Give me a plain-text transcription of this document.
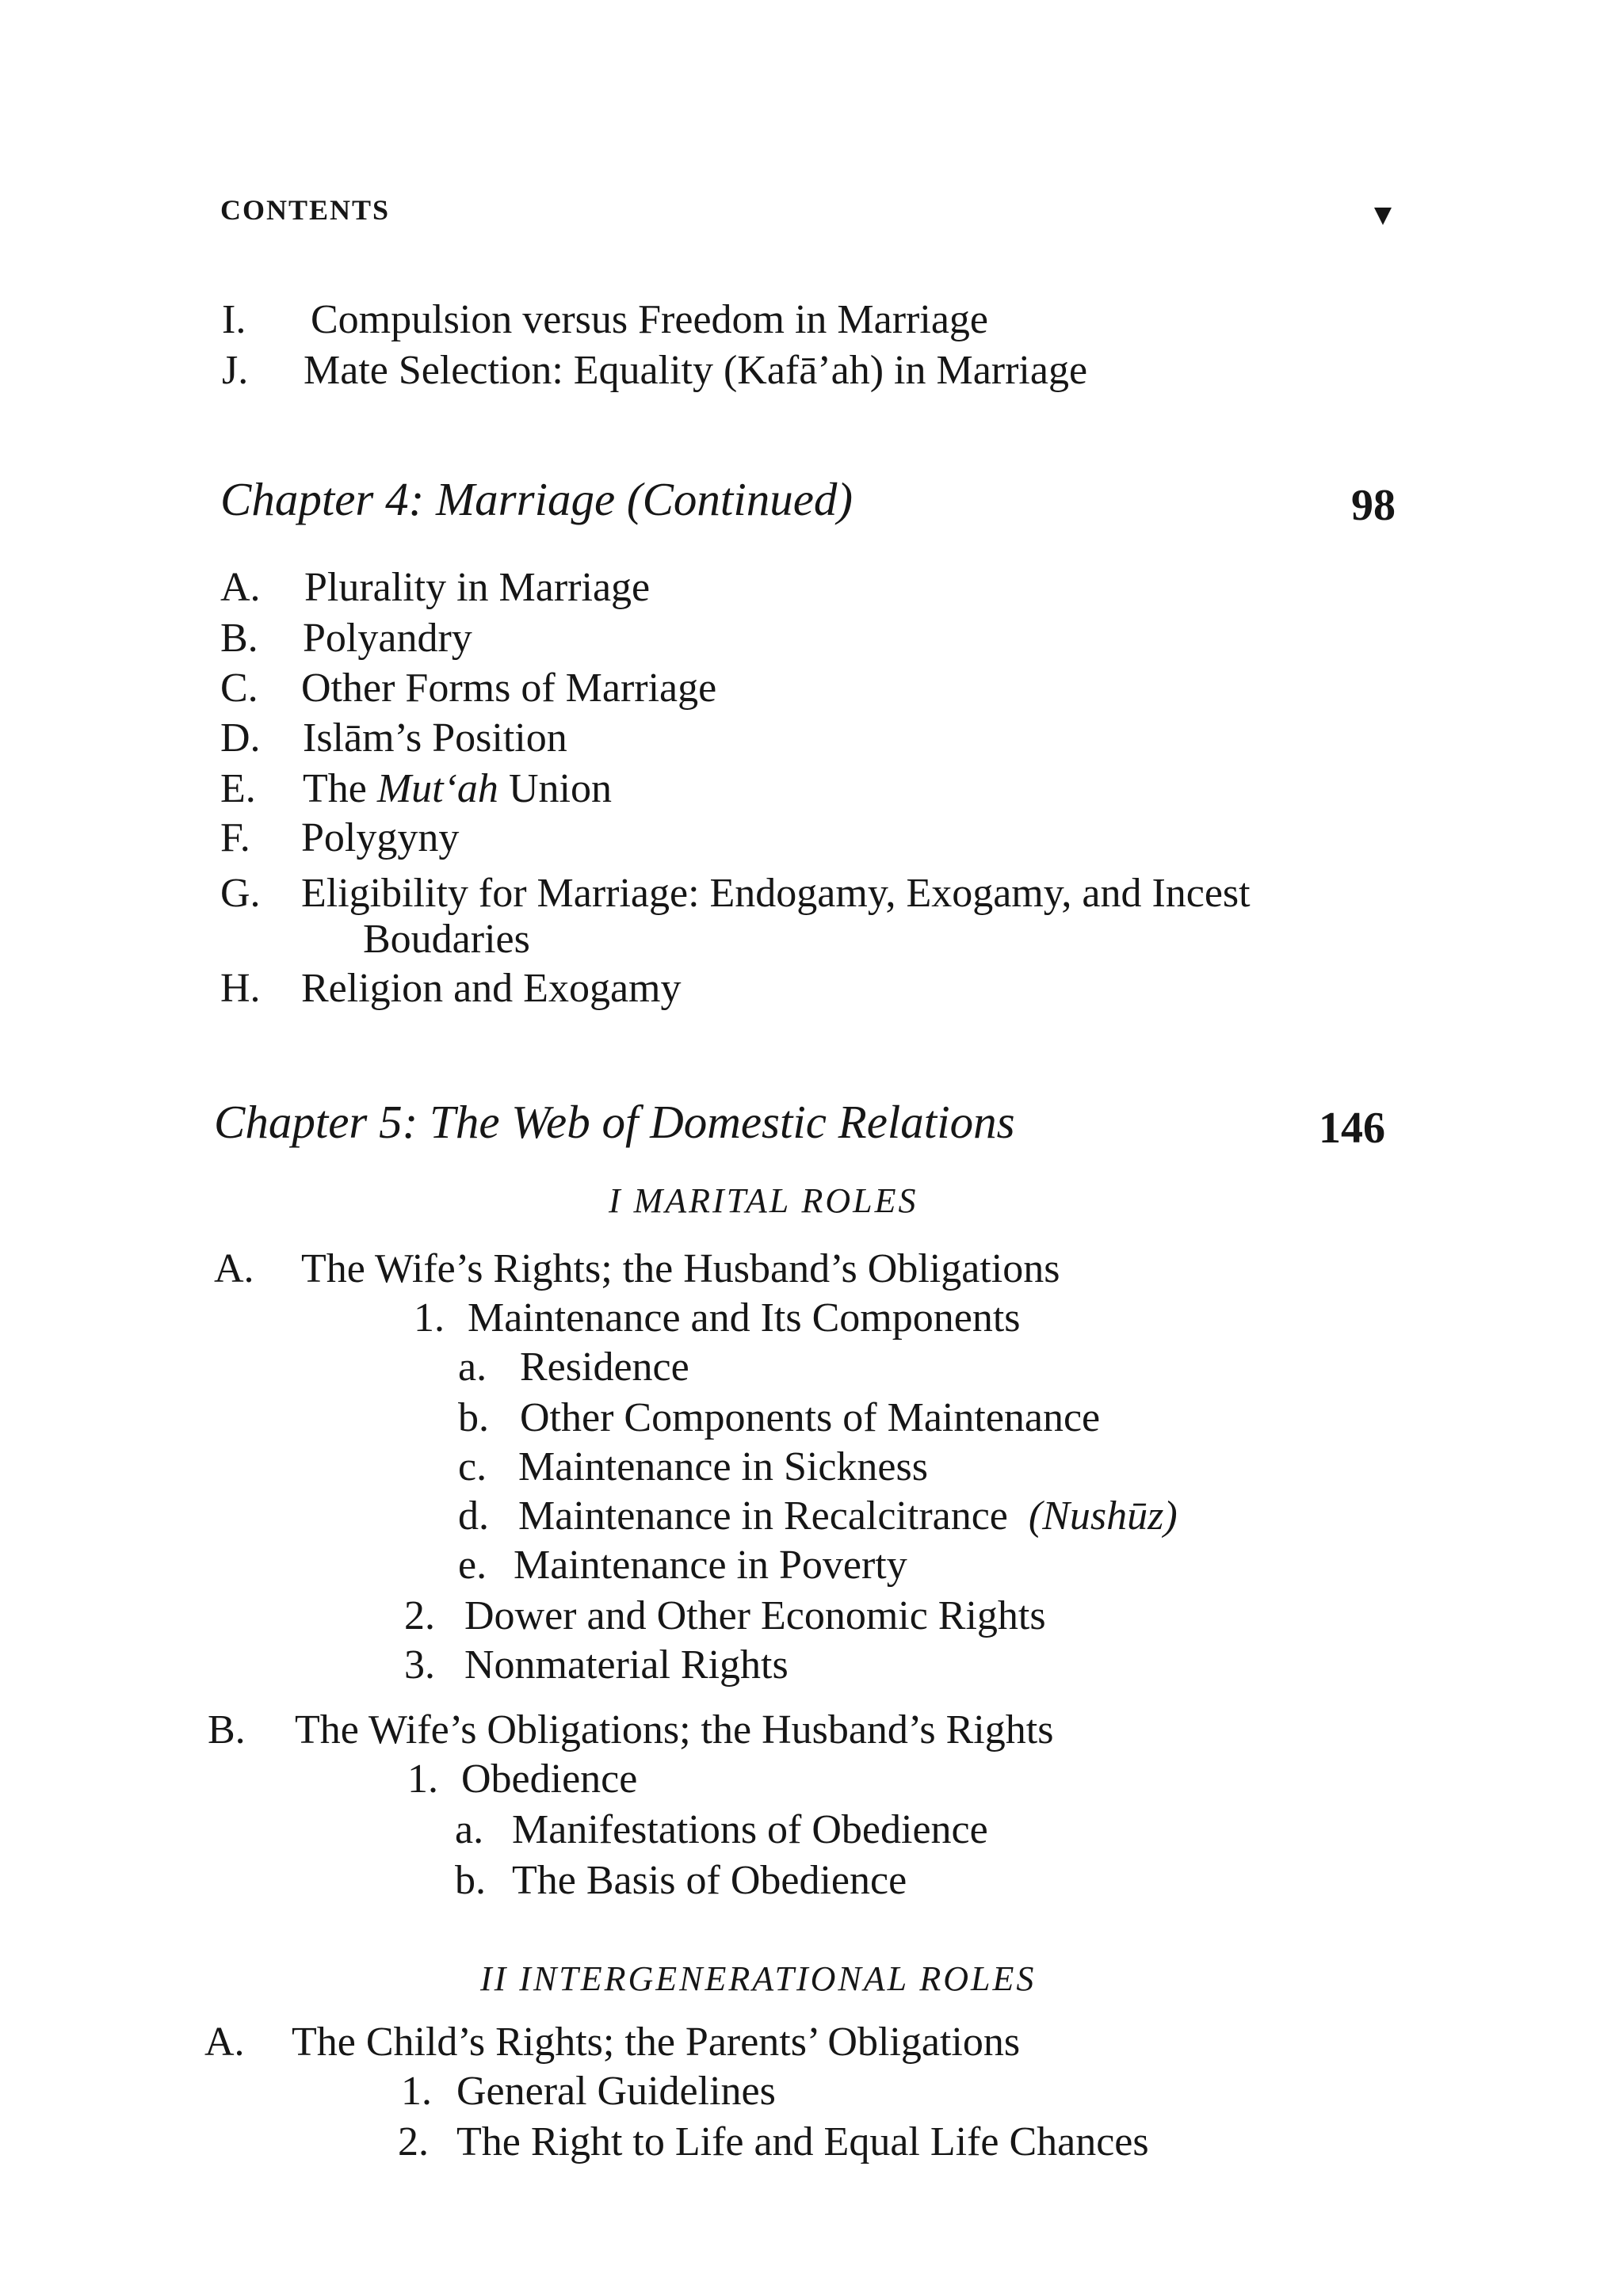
CONTENTS
I. Compulsion versus Freedom in Marriage
J. Mate Selection: Equality (Kafā’ah) in Marriage
Chapter 4: Marriage (Continued)	98
A. Plurality in Marriage
B. Polyandry
C. Other Forms of Marriage
D. Islām’s Position
E. The Mut‘ah Union
F. Polygyny
G. Eligibility for Marriage: Endogamy, Exogamy, and Incest
Boudaries
H. Religion and Exogamy
Chapter 5: The Web of Domestic Relations	146
I MARITAL ROLES
A. The Wife’s Rights; the Husband’s Obligations
1. Maintenance and Its Components
a. Residence
b. Other Components of Maintenance
c. Maintenance in Sickness
d. Maintenance in Recalcitrance (Nushūz)
e. Maintenance in Poverty
2. Dower and Other Economic Rights
3. Nonmaterial Rights
B. The Wife’s Obligations; the Husband’s Rights
1. Obedience
a. Manifestations of Obedience
b. The Basis of Obedience
II INTERGENERATIONAL ROLES
A. The Child’s Rights; the Parents’ Obligations
1. General Guidelines
2. The Right to Life and Equal Life Chances
